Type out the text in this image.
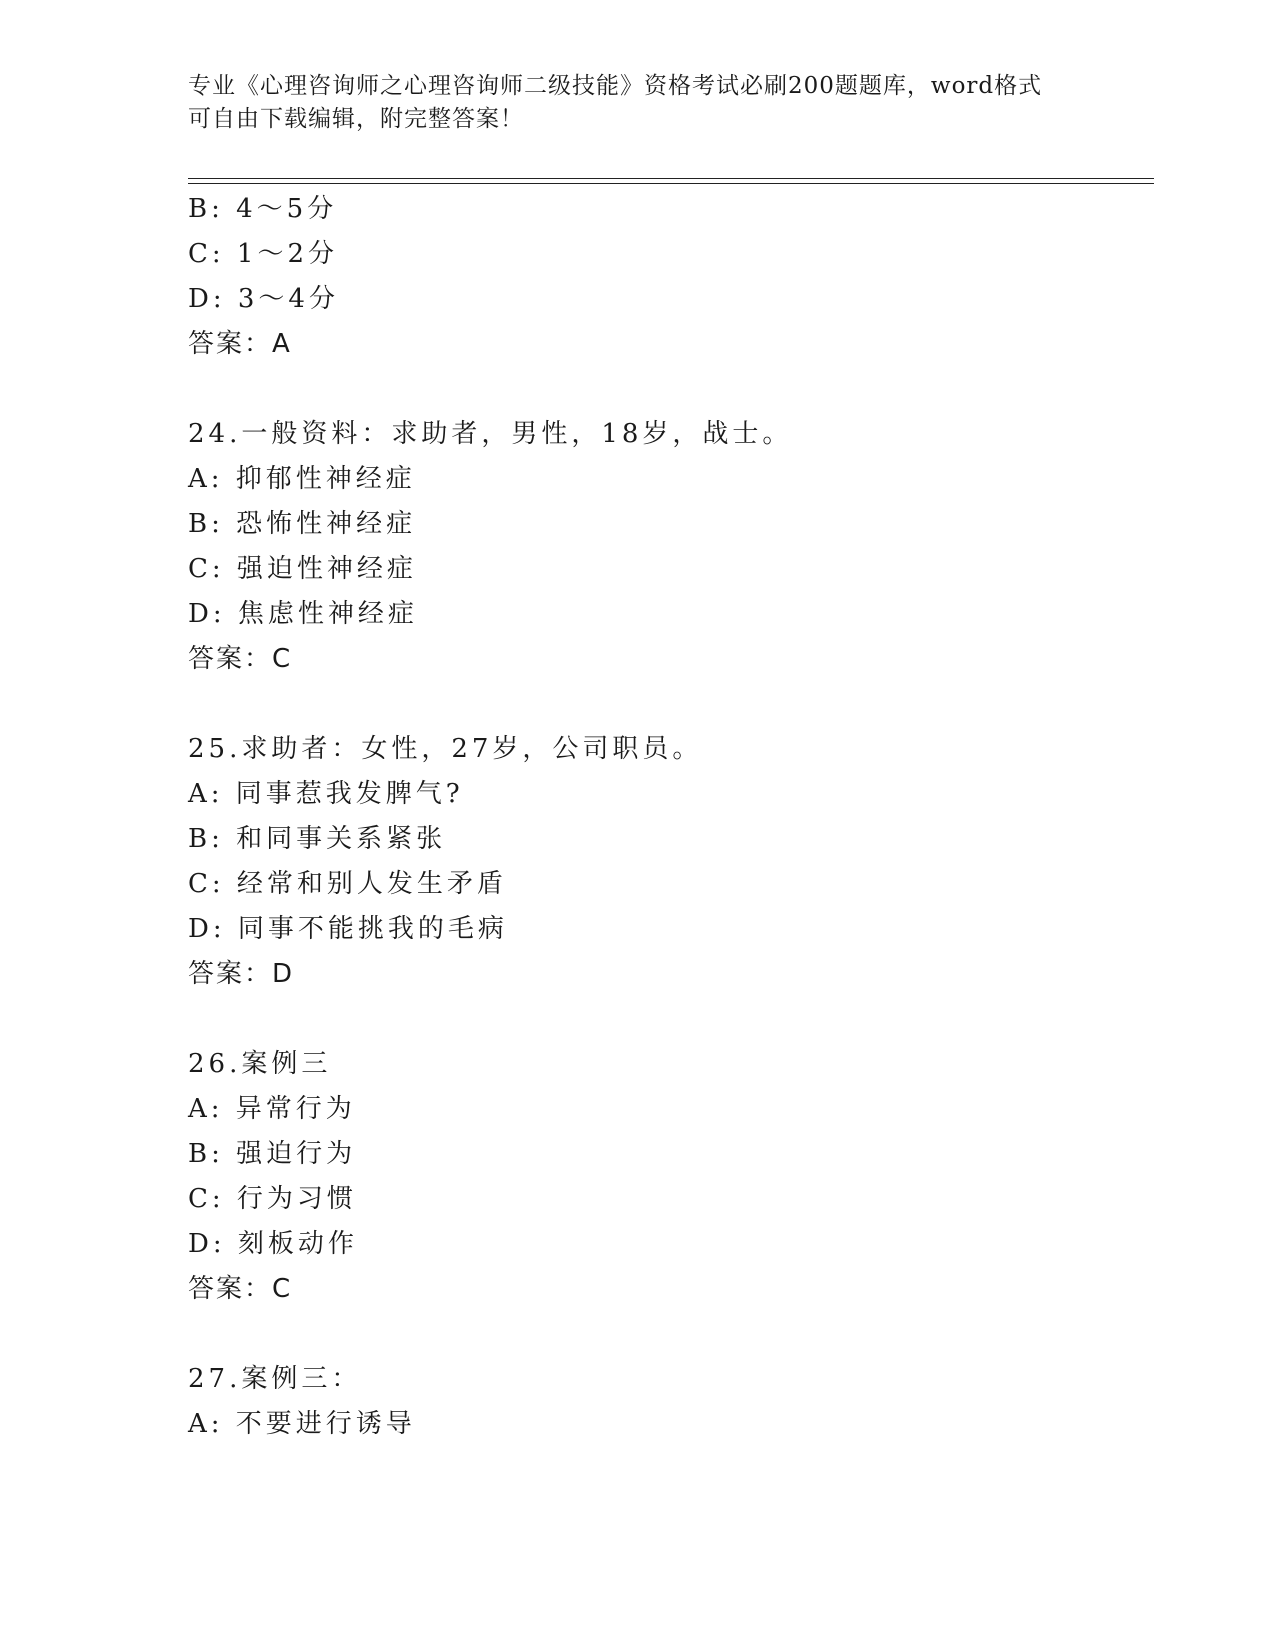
专业《心理咨询师之心理咨询师二级技能》资格考试必刷200题题库，word格式
可自由下载编辑，附完整答案！
B: 4～5分
C: 1～2分
D: 3～4分
答案：A
24.一般资料：求助者，男性，18岁，战士。
A: 抑郁性神经症
B: 恐怖性神经症
C: 强迫性神经症
D: 焦虑性神经症
答案：C
25.求助者：女性，27岁，公司职员。
A: 同事惹我发脾气?
B: 和同事关系紧张
C: 经常和别人发生矛盾
D: 同事不能挑我的毛病
答案：D
26.案例三
A: 异常行为
B: 强迫行为
C: 行为习惯
D: 刻板动作
答案：C
27.案例三：
A: 不要进行诱导
